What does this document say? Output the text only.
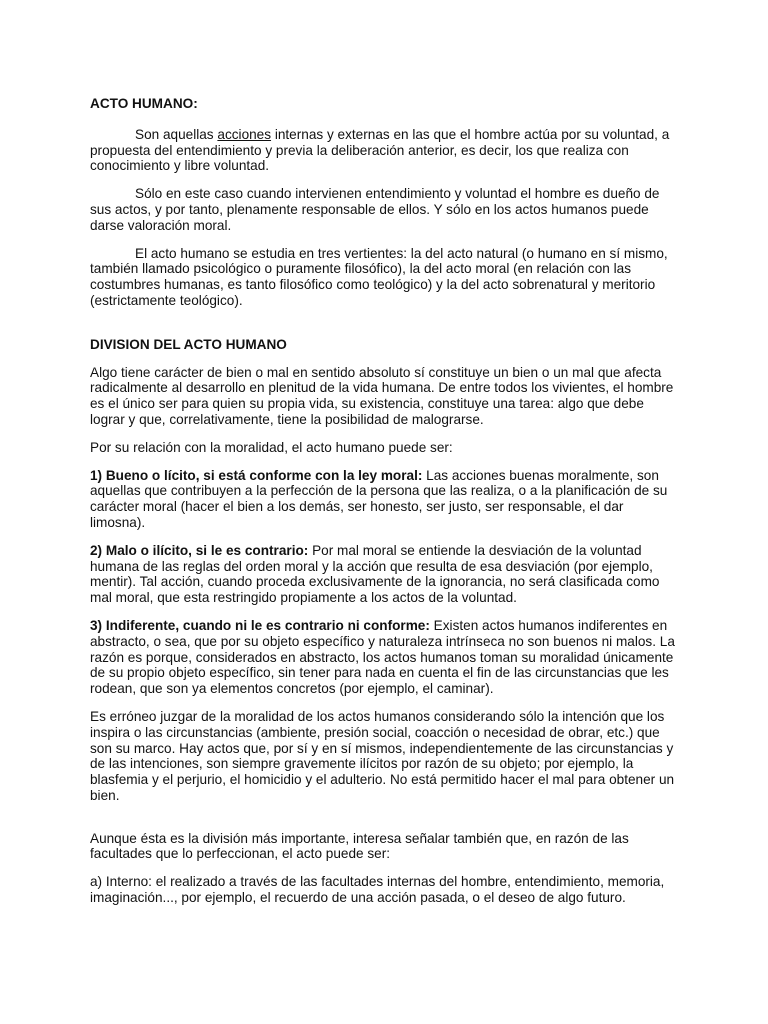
ACTO HUMANO:

Son aquellas acciones internas y externas en las que el hombre actúa por su voluntad, a propuesta del entendimiento y previa la deliberación anterior, es decir, los que realiza con conocimiento y libre voluntad.

Sólo en este caso cuando intervienen entendimiento y voluntad el hombre es dueño de sus actos, y por tanto, plenamente responsable de ellos. Y sólo en los actos humanos puede darse valoración moral.

El acto humano se estudia en tres vertientes: la del acto natural (o humano en sí mismo, también llamado psicológico o puramente filosófico), la del acto moral (en relación con las costumbres humanas, es tanto filosófico como teológico) y la del acto sobrenatural y meritorio (estrictamente teológico).

DIVISION DEL ACTO HUMANO

Algo tiene carácter de bien o mal en sentido absoluto sí constituye un bien o un mal que afecta radicalmente al desarrollo en plenitud de la vida humana. De entre todos los vivientes, el hombre es el único ser para quien su propia vida, su existencia, constituye una tarea: algo que debe lograr y que, correlativamente, tiene la posibilidad de malograrse.

Por su relación con la moralidad, el acto humano puede ser:

1) Bueno o lícito, si está conforme con la ley moral: Las acciones buenas moralmente, son aquellas que contribuyen a la perfección de la persona que las realiza, o a la planificación de su carácter moral (hacer el bien a los demás, ser honesto, ser justo, ser responsable, el dar limosna).

2) Malo o ilícito, si le es contrario: Por mal moral se entiende la desviación de la voluntad humana de las reglas del orden moral y la acción que resulta de esa desviación (por ejemplo, mentir). Tal acción, cuando proceda exclusivamente de la ignorancia, no será clasificada como mal moral, que esta restringido propiamente a los actos de la voluntad.

3) Indiferente, cuando ni le es contrario ni conforme: Existen actos humanos indiferentes en abstracto, o sea, que por su objeto específico y naturaleza intrínseca no son buenos ni malos. La razón es porque, considerados en abstracto, los actos humanos toman su moralidad únicamente de su propio objeto específico, sin tener para nada en cuenta el fin de las circunstancias que les rodean, que son ya elementos concretos (por ejemplo, el caminar).

Es erróneo juzgar de la moralidad de los actos humanos considerando sólo la intención que los inspira o las circunstancias (ambiente, presión social, coacción o necesidad de obrar, etc.) que son su marco. Hay actos que, por sí y en sí mismos, independientemente de las circunstancias y de las intenciones, son siempre gravemente ilícitos por razón de su objeto; por ejemplo, la blasfemia y el perjurio, el homicidio y el adulterio. No está permitido hacer el mal para obtener un bien.

Aunque ésta es la división más importante, interesa señalar también que, en razón de las facultades que lo perfeccionan, el acto puede ser:

a) Interno: el realizado a través de las facultades internas del hombre, entendimiento, memoria, imaginación..., por ejemplo, el recuerdo de una acción pasada, o el deseo de algo futuro.
